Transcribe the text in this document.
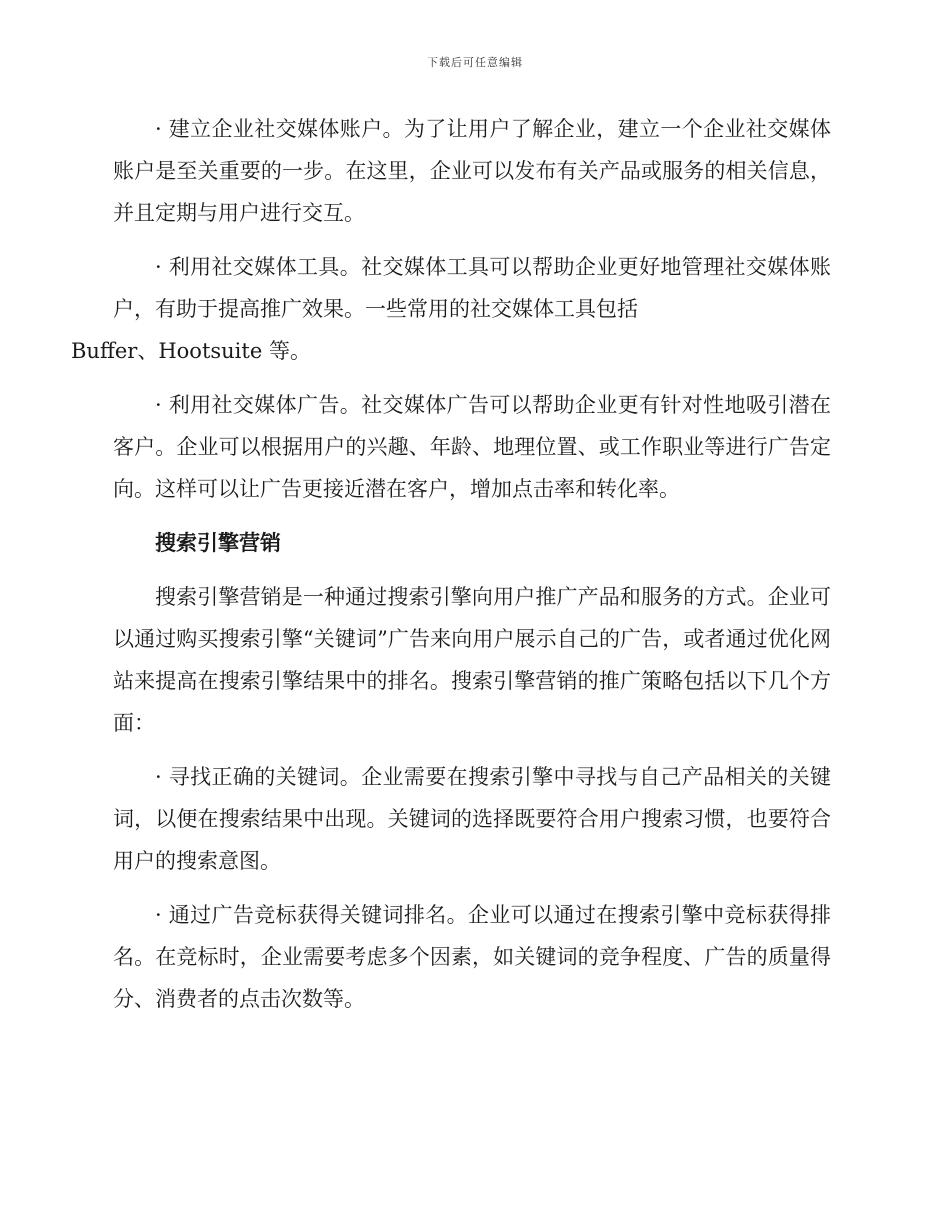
下载后可任意编辑

· 建立企业社交媒体账户。为了让用户了解企业，建立一个企业社交媒体账户是至关重要的一步。在这里，企业可以发布有关产品或服务的相关信息，并且定期与用户进行交互。

· 利用社交媒体工具。社交媒体工具可以帮助企业更好地管理社交媒体账户，有助于提高推广效果。一些常用的社交媒体工具包括
Buffer、Hootsuite 等。

· 利用社交媒体广告。社交媒体广告可以帮助企业更有针对性地吸引潜在客户。企业可以根据用户的兴趣、年龄、地理位置、或工作职业等进行广告定向。这样可以让广告更接近潜在客户，增加点击率和转化率。

搜索引擎营销

搜索引擎营销是一种通过搜索引擎向用户推广产品和服务的方式。企业可以通过购买搜索引擎“关键词”广告来向用户展示自己的广告，或者通过优化网站来提高在搜索引擎结果中的排名。搜索引擎营销的推广策略包括以下几个方面：

· 寻找正确的关键词。企业需要在搜索引擎中寻找与自己产品相关的关键词，以便在搜索结果中出现。关键词的选择既要符合用户搜索习惯，也要符合用户的搜索意图。

· 通过广告竞标获得关键词排名。企业可以通过在搜索引擎中竞标获得排名。在竞标时，企业需要考虑多个因素，如关键词的竞争程度、广告的质量得分、消费者的点击次数等。
